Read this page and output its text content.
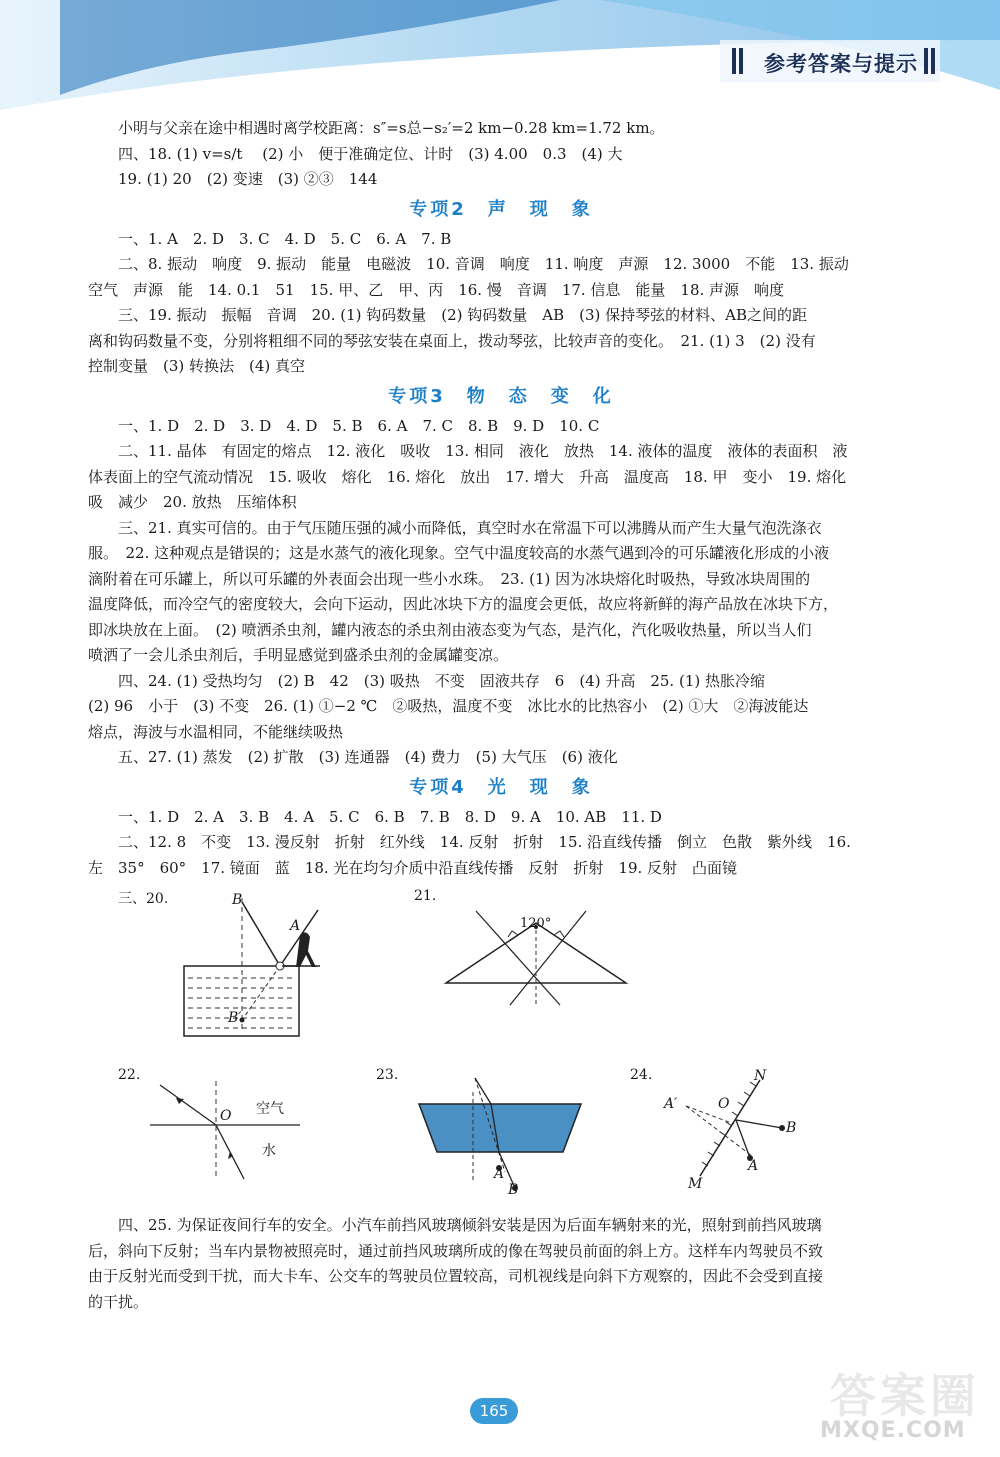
参考答案与提示
小明与父亲在途中相遇时离学校距离：s″=s总−s₂′=2 km−0.28 km=1.72 km。
四、18. (1) v=s/t　 (2) 小　便于准确定位、计时　(3) 4.00　0.3　(4) 大
19. (1) 20　(2) 变速　(3) ②③　144
专项2　声　现　象
一、1. A　2. D　3. C　4. D　5. C　6. A　7. B
二、8. 振动　响度　9. 振动　能量　电磁波　10. 音调　响度　11. 响度　声源　12. 3000　不能　13. 振动
空气　声源　能　14. 0.1　51　15. 甲、乙　甲、丙　16. 慢　音调　17. 信息　能量　18. 声源　响度
三、19. 振动　振幅　音调　20. (1) 钩码数量　(2) 钩码数量　AB　(3) 保持琴弦的材料、AB之间的距
离和钩码数量不变，分别将粗细不同的琴弦安装在桌面上，拨动琴弦，比较声音的变化。　21. (1) 3　(2) 没有
控制变量　(3) 转换法　(4) 真空
专项3　物　态　变　化
一、1. D　2. D　3. D　4. D　5. B　6. A　7. C　8. B　9. D　10. C
二、11. 晶体　有固定的熔点　12. 液化　吸收　13. 相同　液化　放热　14. 液体的温度　液体的表面积　液
体表面上的空气流动情况　15. 吸收　熔化　16. 熔化　放出　17. 增大　升高　温度高　18. 甲　变小　19. 熔化
吸　减少　20. 放热　压缩体积
三、21. 真实可信的。由于气压随压强的减小而降低，真空时水在常温下可以沸腾从而产生大量气泡洗涤衣
服。　22. 这种观点是错误的；这是水蒸气的液化现象。空气中温度较高的水蒸气遇到冷的可乐罐液化形成的小液
滴附着在可乐罐上，所以可乐罐的外表面会出现一些小水珠。　23. (1) 因为冰块熔化时吸热，导致冰块周围的
温度降低，而冷空气的密度较大，会向下运动，因此冰块下方的温度会更低，故应将新鲜的海产品放在冰块下方，
即冰块放在上面。　(2) 喷洒杀虫剂，罐内液态的杀虫剂由液态变为气态，是汽化，汽化吸收热量，所以当人们
喷洒了一会儿杀虫剂后，手明显感觉到盛杀虫剂的金属罐变凉。
四、24. (1) 受热均匀　(2) B　42　(3) 吸热　不变　固液共存　6　(4) 升高　25. (1) 热胀冷缩
(2) 96　小于　(3) 不变　26. (1) ①−2 ℃　②吸热，温度不变　冰比水的比热容小　(2) ①大　②海波能达
熔点，海波与水温相同，不能继续吸热
五、27. (1) 蒸发　(2) 扩散　(3) 连通器　(4) 费力　(5) 大气压　(6) 液化
专项4　光　现　象
一、1. D　2. A　3. B　4. A　5. C　6. B　7. B　8. D　9. A　10. AB　11. D
二、12. 8　不变　13. 漫反射　折射　红外线　14. 反射　折射　15. 沿直线传播　倒立　色散　紫外线　16.
左　35°　60°　17. 镜面　蓝　18. 光在均匀介质中沿直线传播　反射　折射　19. 反射　凸面镜
三、20.	21.
22.	23.	24.
B
A
B′
120°
O 空气
水
A
B
N
A′	O
B
A
M
四、25. 为保证夜间行车的安全。小汽车前挡风玻璃倾斜安装是因为后面车辆射来的光，照射到前挡风玻璃
后，斜向下反射；当车内景物被照亮时，通过前挡风玻璃所成的像在驾驶员前面的斜上方。这样车内驾驶员不致
由于反射光而受到干扰，而大卡车、公交车的驾驶员位置较高，司机视线是向斜下方观察的，因此不会受到直接
的干扰。
165	答案圈
MXQE.COM
